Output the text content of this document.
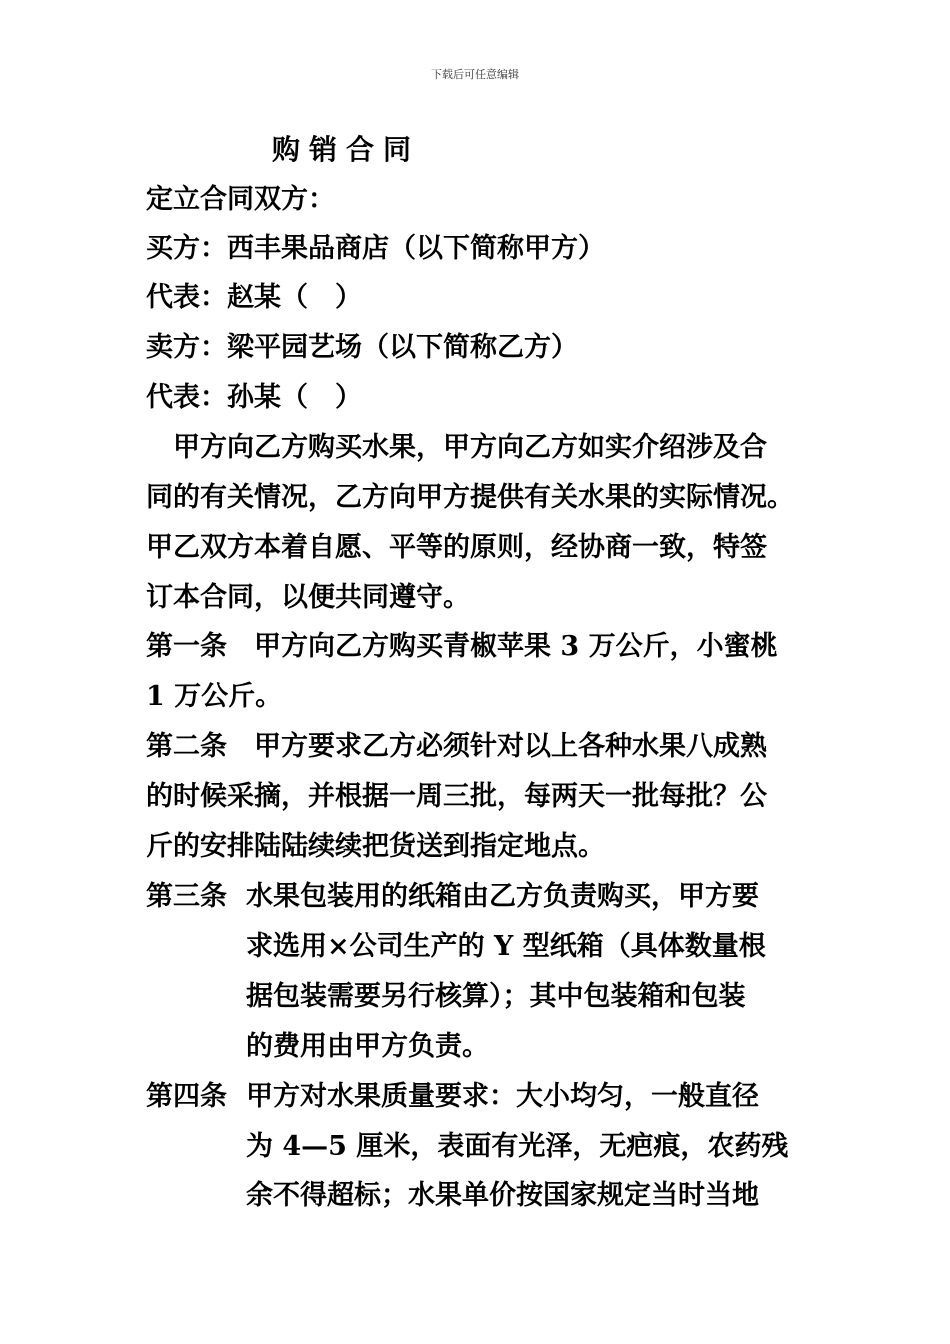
下载后可任意编辑
购销合同
定立合同双方：
买方：西丰果品商店（以下简称甲方）
代表：赵某（　）
卖方：梁平园艺场（以下简称乙方）
代表：孙某（　）
　甲方向乙方购买水果，甲方向乙方如实介绍涉及合
同的有关情况，乙方向甲方提供有关水果的实际情况。
甲乙双方本着自愿、平等的原则，经协商一致，特签
订本合同，以便共同遵守。
第一条　甲方向乙方购买青椒苹果 3 万公斤，小蜜桃
1 万公斤。
第二条　甲方要求乙方必须针对以上各种水果八成熟
的时候采摘，并根据一周三批，每两天一批每批？公
斤的安排陆陆续续把货送到指定地点。
第三条 水果包装用的纸箱由乙方负责购买，甲方要
求选用×公司生产的 Y 型纸箱（具体数量根
据包装需要另行核算）；其中包装箱和包装
的费用由甲方负责。
第四条 甲方对水果质量要求：大小均匀，一般直径
为 4—5 厘米，表面有光泽，无疤痕，农药残
余不得超标；水果单价按国家规定当时当地
